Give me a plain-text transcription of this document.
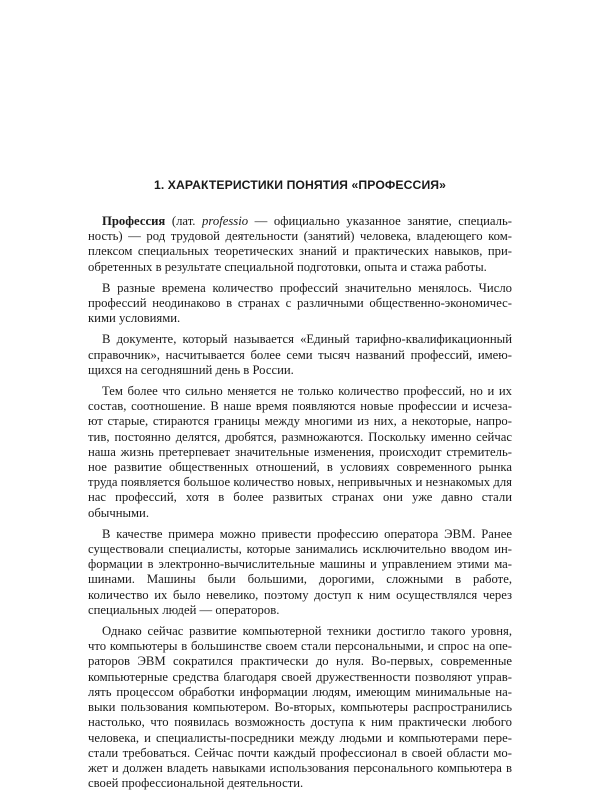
1. ХАРАКТЕРИСТИКИ ПОНЯТИЯ «ПРОФЕССИЯ»

Профессия (лат. professio — официально указанное занятие, специаль-ность) — род трудовой деятельности (занятий) человека, владеющего ком-плексом специальных теоретических знаний и практических навыков, при-обретенных в результате специальной подготовки, опыта и стажа работы.

В разные времена количество профессий значительно менялось. Число профессий неодинаково в странах с различными общественно-экономичес-кими условиями.

В документе, который называется «Единый тарифно-квалификационный справочник», насчитывается более семи тысяч названий профессий, имею-щихся на сегодняшний день в России.

Тем более что сильно меняется не только количество профессий, но и их состав, соотношение. В наше время появляются новые профессии и исчеза-ют старые, стираются границы между многими из них, а некоторые, напро-тив, постоянно делятся, дробятся, размножаются. Поскольку именно сейчас наша жизнь претерпевает значительные изменения, происходит стремитель-ное развитие общественных отношений, в условиях современного рынка труда появляется большое количество новых, непривычных и незнакомых для нас профессий, хотя в более развитых странах они уже давно стали обычными.

В качестве примера можно привести профессию оператора ЭВМ. Ранее существовали специалисты, которые занимались исключительно вводом ин-формации в электронно-вычислительные машины и управлением этими ма-шинами. Машины были большими, дорогими, сложными в работе, количество их было невелико, поэтому доступ к ним осуществлялся через специальных людей — операторов.

Однако сейчас развитие компьютерной техники достигло такого уровня, что компьютеры в большинстве своем стали персональными, и спрос на опе-раторов ЭВМ сократился практически до нуля. Во-первых, современные компьютерные средства благодаря своей дружественности позволяют управ-лять процессом обработки информации людям, имеющим минимальные на-выки пользования компьютером. Во-вторых, компьютеры распространились настолько, что появилась возможность доступа к ним практически любого человека, и специалисты-посредники между людьми и компьютерами пере-стали требоваться. Сейчас почти каждый профессионал в своей области мо-жет и должен владеть навыками использования персонального компьютера в своей профессиональной деятельности.
